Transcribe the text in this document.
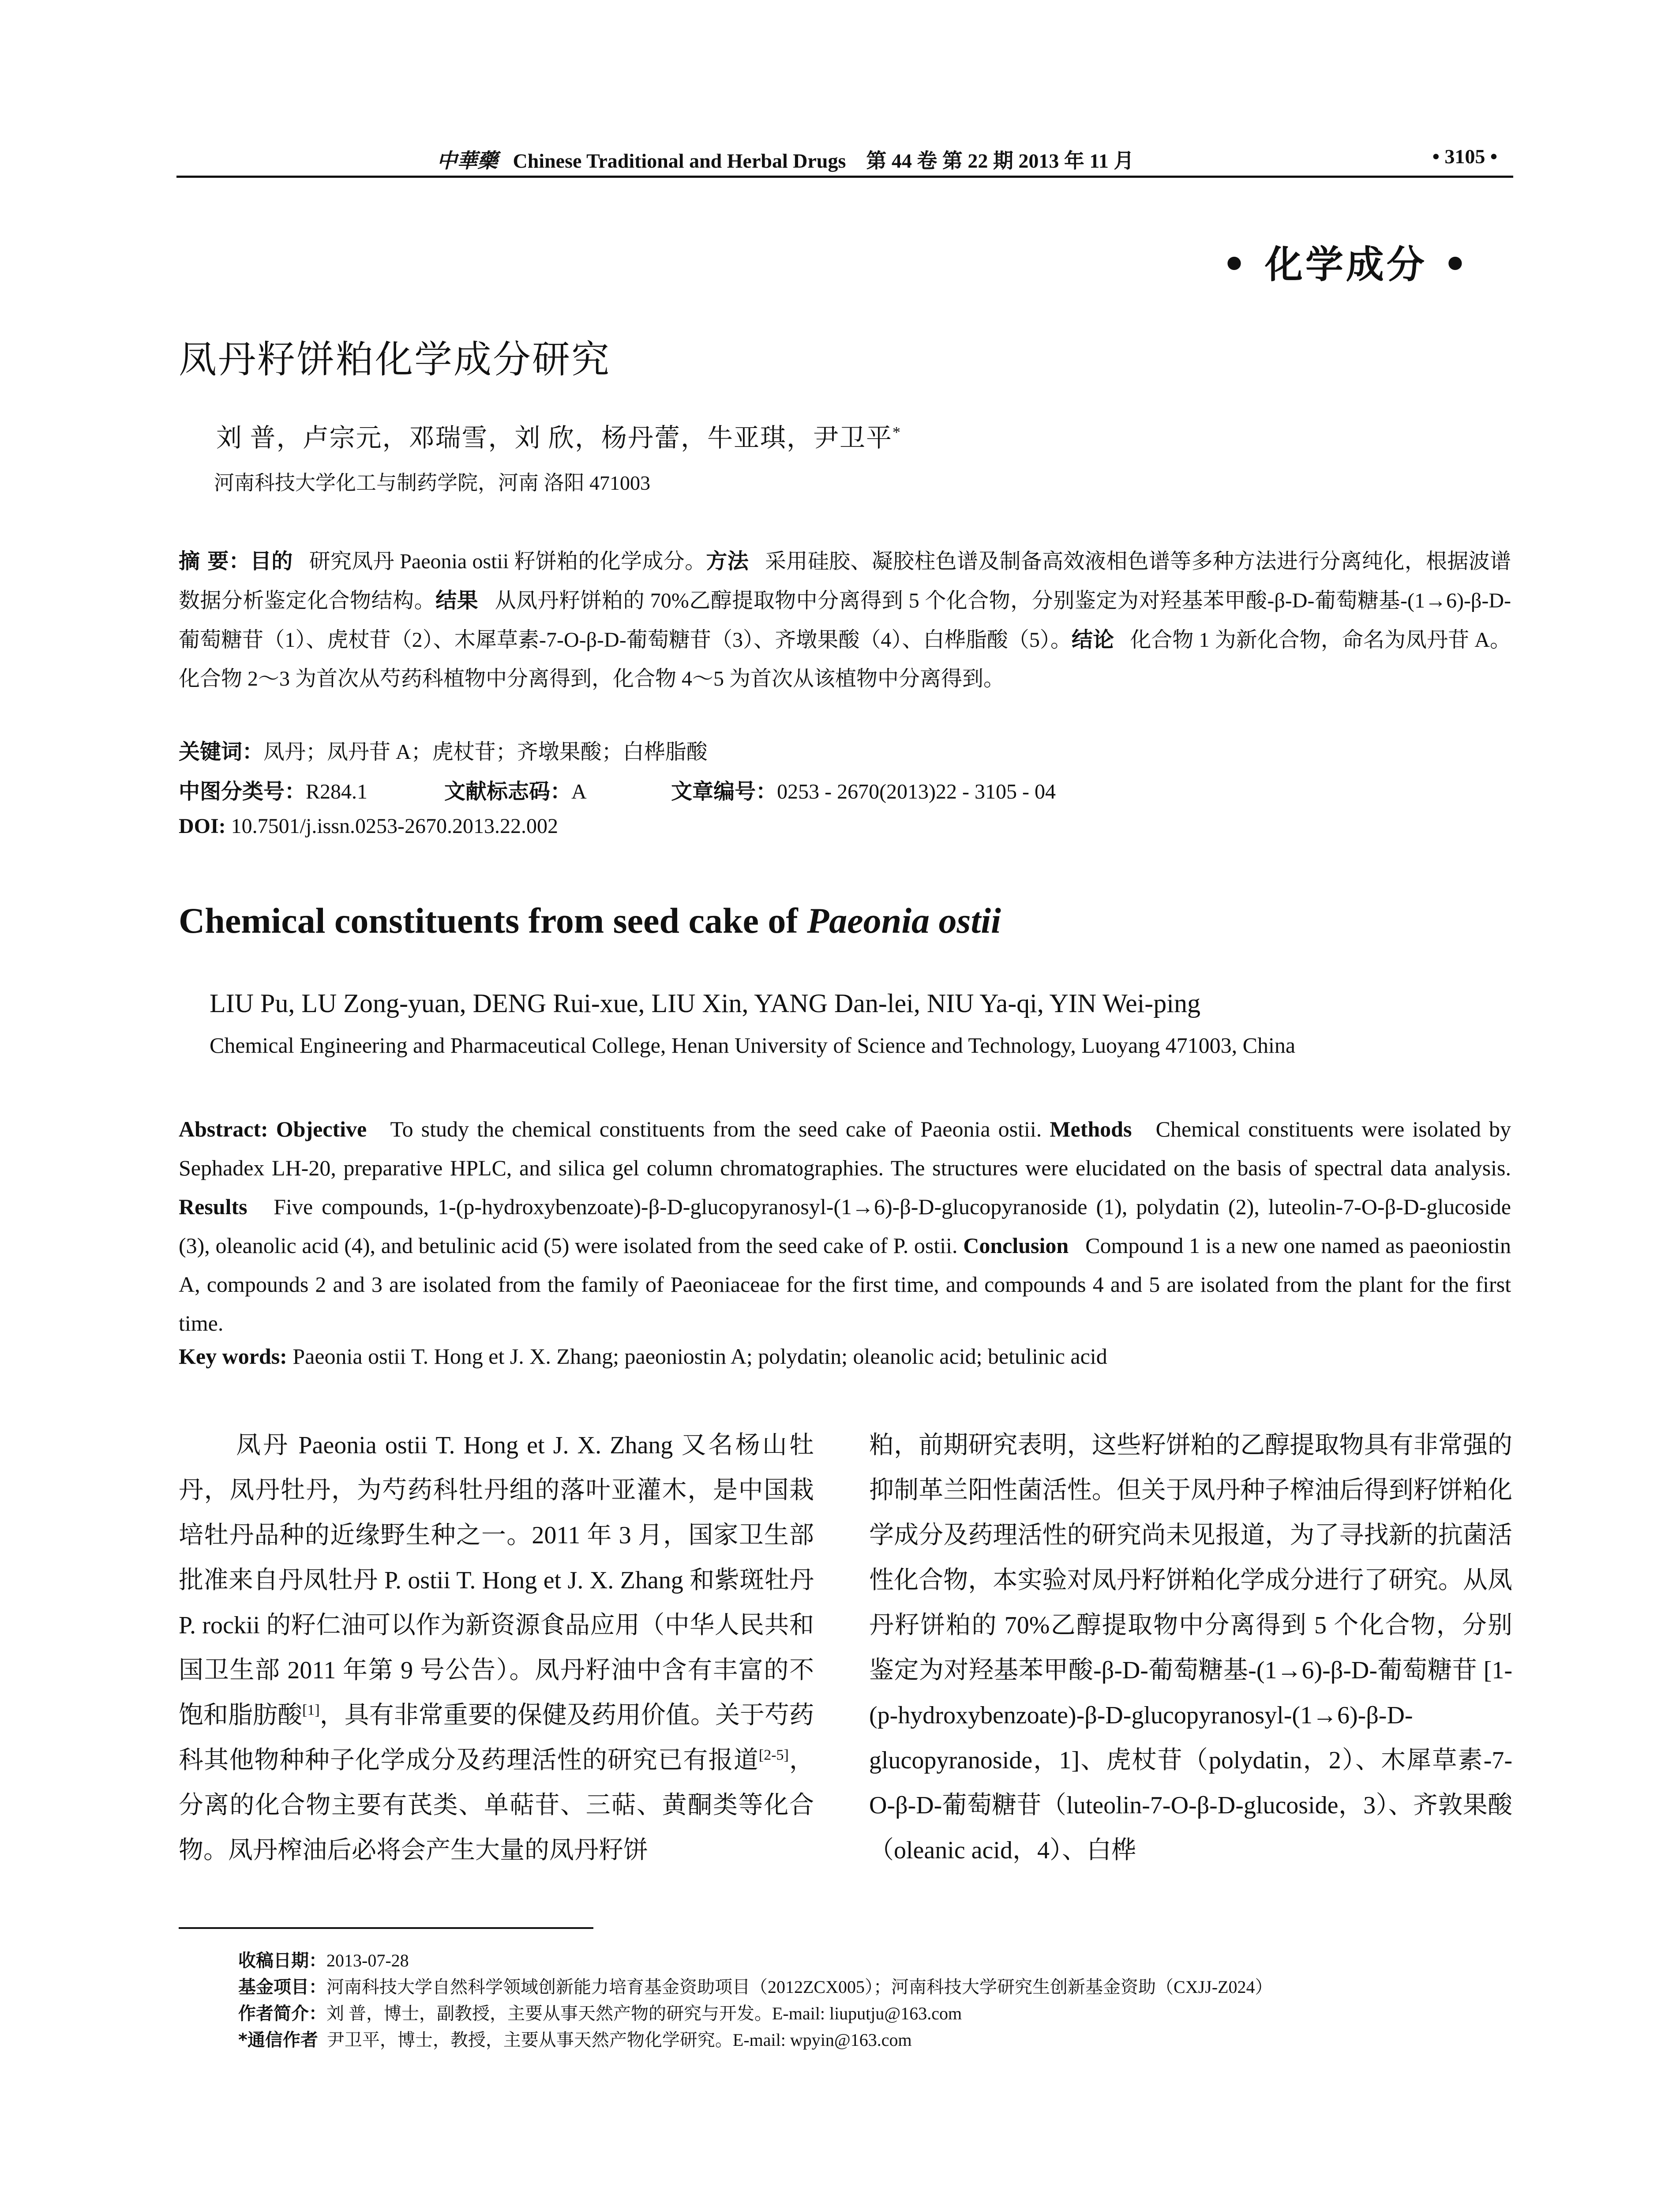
中華藥 Chinese Traditional and Herbal Drugs 第 44 卷 第 22 期 2013 年 11 月	• 3105 •
• 化学成分 •
凤丹籽饼粕化学成分研究
刘 普，卢宗元，邓瑞雪，刘 欣，杨丹蕾，牛亚琪，尹卫平*
河南科技大学化工与制药学院，河南 洛阳 471003
摘 要：目的 研究凤丹 Paeonia ostii 籽饼粕的化学成分。方法 采用硅胶、凝胶柱色谱及制备高效液相色谱等多种方法进行分离纯化，根据波谱数据分析鉴定化合物结构。结果 从凤丹籽饼粕的 70%乙醇提取物中分离得到 5 个化合物，分别鉴定为对羟基苯甲酸-β-D-葡萄糖基-(1→6)-β-D-葡萄糖苷（1）、虎杖苷（2）、木犀草素-7-O-β-D-葡萄糖苷（3）、齐墩果酸（4）、白桦脂酸（5）。结论 化合物 1 为新化合物，命名为凤丹苷 A。化合物 2～3 为首次从芍药科植物中分离得到，化合物 4～5 为首次从该植物中分离得到。
关键词：凤丹；凤丹苷 A；虎杖苷；齐墩果酸；白桦脂酸
中图分类号：R284.1	文献标志码：A	文章编号：0253 - 2670(2013)22 - 3105 - 04
DOI: 10.7501/j.issn.0253-2670.2013.22.002
Chemical constituents from seed cake of Paeonia ostii
LIU Pu, LU Zong-yuan, DENG Rui-xue, LIU Xin, YANG Dan-lei, NIU Ya-qi, YIN Wei-ping
Chemical Engineering and Pharmaceutical College, Henan University of Science and Technology, Luoyang 471003, China
Abstract: Objective To study the chemical constituents from the seed cake of Paeonia ostii. Methods Chemical constituents were isolated by Sephadex LH-20, preparative HPLC, and silica gel column chromatographies. The structures were elucidated on the basis of spectral data analysis. Results Five compounds, 1-(p-hydroxybenzoate)-β-D-glucopyranosyl-(1→6)-β-D-glucopyranoside (1), polydatin (2), luteolin-7-O-β-D-glucoside (3), oleanolic acid (4), and betulinic acid (5) were isolated from the seed cake of P. ostii. Conclusion Compound 1 is a new one named as paeoniostin A, compounds 2 and 3 are isolated from the family of Paeoniaceae for the first time, and compounds 4 and 5 are isolated from the plant for the first time.
Key words: Paeonia ostii T. Hong et J. X. Zhang; paeoniostin A; polydatin; oleanolic acid; betulinic acid
凤丹 Paeonia ostii T. Hong et J. X. Zhang 又名杨山牡丹，凤丹牡丹，为芍药科牡丹组的落叶亚灌木，是中国栽培牡丹品种的近缘野生种之一。2011 年 3 月，国家卫生部批准来自丹凤牡丹 P. ostii T. Hong et J. X. Zhang 和紫斑牡丹 P. rockii 的籽仁油可以作为新资源食品应用（中华人民共和国卫生部 2011 年第 9 号公告）。凤丹籽油中含有丰富的不饱和脂肪酸[1]，具有非常重要的保健及药用价值。关于芍药科其他物种种子化学成分及药理活性的研究已有报道[2-5]，分离的化合物主要有芪类、单萜苷、三萜、黄酮类等化合物。凤丹榨油后必将会产生大量的凤丹籽饼
粕，前期研究表明，这些籽饼粕的乙醇提取物具有非常强的抑制革兰阳性菌活性。但关于凤丹种子榨油后得到籽饼粕化学成分及药理活性的研究尚未见报道，为了寻找新的抗菌活性化合物，本实验对凤丹籽饼粕化学成分进行了研究。从凤丹籽饼粕的 70%乙醇提取物中分离得到 5 个化合物，分别鉴定为对羟基苯甲酸-β-D-葡萄糖基-(1→6)-β-D-葡萄糖苷 [1-(p-hydroxybenzoate)-β-D-glucopyranosyl-(1→6)-β-D-glucopyranoside，1]、虎杖苷（polydatin，2）、木犀草素-7-O-β-D-葡萄糖苷（luteolin-7-O-β-D-glucoside，3）、齐敦果酸（oleanic acid，4）、白桦
收稿日期：2013-07-28
基金项目：河南科技大学自然科学领域创新能力培育基金资助项目（2012ZCX005）；河南科技大学研究生创新基金资助（CXJJ-Z024）
作者简介：刘 普，博士，副教授，主要从事天然产物的研究与开发。E-mail: liuputju@163.com
*通信作者 尹卫平，博士，教授，主要从事天然产物化学研究。E-mail: wpyin@163.com
